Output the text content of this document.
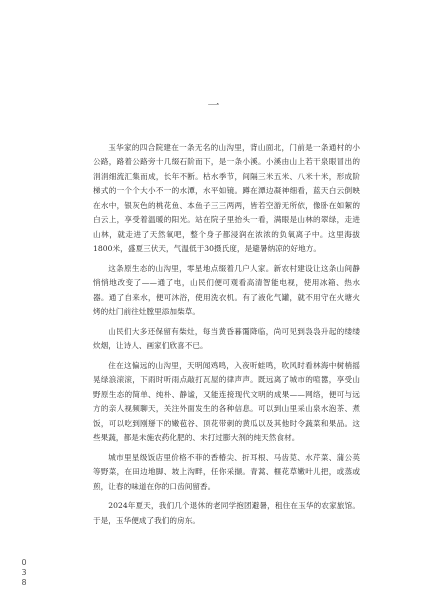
一

玉华家的四合院建在一条无名的山沟里，背山面北，门前是一条通村的小公路，路着公路旁十几缀石阶而下，是一条小溪。小溪由山上若干泉眼冒出的涓涓细流汇集而成，长年不断。枯水季节，间隔三米五米、八米十米，形成阶梯式的一个个大小不一的水潭，水平如镜。蹲在潭边凝神细看，蓝天白云倒映在水中，银灰色的桃花鱼、本鱼子三三两两，皆若空游无所依，像卧在如絮的白云上，享受着温暖的阳光。站在院子里抬头一看，满眼是山林的翠绿，走进山林，就走进了天然氧吧，整个身子都浸润在浓浓的负氧离子中。这里海拔1800米，盛夏三伏天，气温低于30摄氏度，是避暑纳凉的好地方。

这条原生态的山沟里，零星地点缀着几户人家。新农村建设让这条山间静悄悄地改变了——通了电，山民们便可观看高清智能电视，使用冰箱、热水器。通了自来水，便可沐浴，使用洗衣机。有了液化气罐，就不用守在火塘火烤的灶门前往灶膛里添加柴草。

山民们大多还保留有柴灶，每当黄昏暮霭降临，尚可见到袅袅升起的缕缕炊烟，让诗人、画家们欣喜不已。

住在这偏远的山沟里，天明闻鸡鸣，入夜听蛙鸣，吹风时看林海中树梢摇晃绿浪滚滚，下雨时听雨点敲打瓦屋的律声声。既远离了城市的喧嚣，享受山野原生态的简单、纯朴、静谧，又能连接现代文明的成果——网络，便可与远方的亲人视频聊天，关注外面发生的各种信息。可以到山里采山泉水泡茶、煮饭，可以吃到刚掰下的嫩苞谷、顶花带刺的黄瓜以及其他时令蔬菜和果品。这些果蔬，都是未施农药化肥的、未打过膨大剂的纯天然食材。

城市里星级饭店里价格不菲的香椿尖、折耳根、马齿苋、水芹菜、蒲公英等野菜，在田边地脚、坡上沟畔，任你采撷。青蒿、榧花草嫩叶儿把，或蒸或煎，让春的味道在你的口齿间留香。

2024年夏天，我们几个退休的老同学抱团避暑，租住在玉华的农家旅馆。于是，玉华便成了我们的房东。

038
